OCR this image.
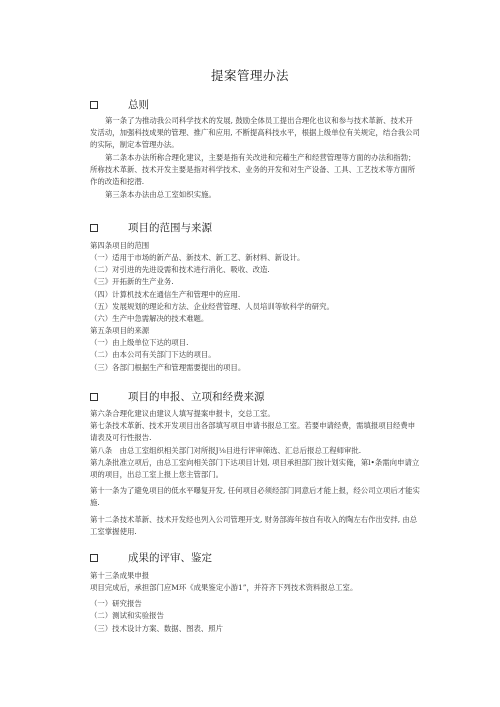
提案管理办法
总则
第一条了为推动我公司科学技术的发展, 鼓励全体员工提出合理化也议和参与技术革新、技术开发活动，加强科技成果的管理、推广和应用, 不断提高科技水平，根据上级单位有关规定，结合我公司的实际，制定本管理办法。
第二条本办法所称合理化建议，主要是指有关改进和完藉生产和经营管理等方面的办法和指勃；所称技术革新、技术开发主要是指对科学技术、业务的开发和对生产设备、工具、工艺技术等方面所作的改造和挖潜.
第三条本办法由总工室如织实施。
项目的范围与来源
第四条项目的范围
（一）适用于市场的新产品、新技术、新工艺、新材料、新设计。
（二）对引进的先进设需和技术进行消化、吸收、改造.
《三》开拓新的生产业务.
（四）计算机技术在通信生产和管理中的应用.
（五）发展规划的理论和方法、企业经营管理、人员培训等软科学的研究。
（六）生产中急需解决的技术难题。
第五条项目的来源
（一）由上级单位下达的项目.
（二）由本公司有关部门下达的项目。
（三）各部门根据生产和管理需要提出的项目。
项目的申报、立项和经费来源
第六条合理化建议由建议人填写提案申报卡，交总工室。
第七条技术革新、技术开发项目出各部填写项目申请书报总工室。若要申请经费，需填报项目经费申请表及可行性报告.
第八条　由总工室组织相关部门对所报J⅛目进行评审筛选、汇总后报总工程师审批.
第九条批准立项后，由总工室向相关部门下达项目计划, 项目承担部门按计划实俺，第l•条需向申请立项的项目，出总工室上报上您主管部门。
第十一条为了避免项目的低水平曝复开发, 任何项目必须经部门同意后才能上报，经公司立项后才能实施.
第十二条技术革新、技术开发经也列入公司管理开支, 财务部海年按自有收入的陶左右作出安拌, 由总工室掌握使用.
成果的评审、鉴定
第十三条成果申报
项目完成后，承担部门应M环《成果鉴定小游1”，并符齐下列技术资料报总工室。
（一）研究报告
（二）测试和实验报告
（三）技术设计方案、数据、图表、照片
